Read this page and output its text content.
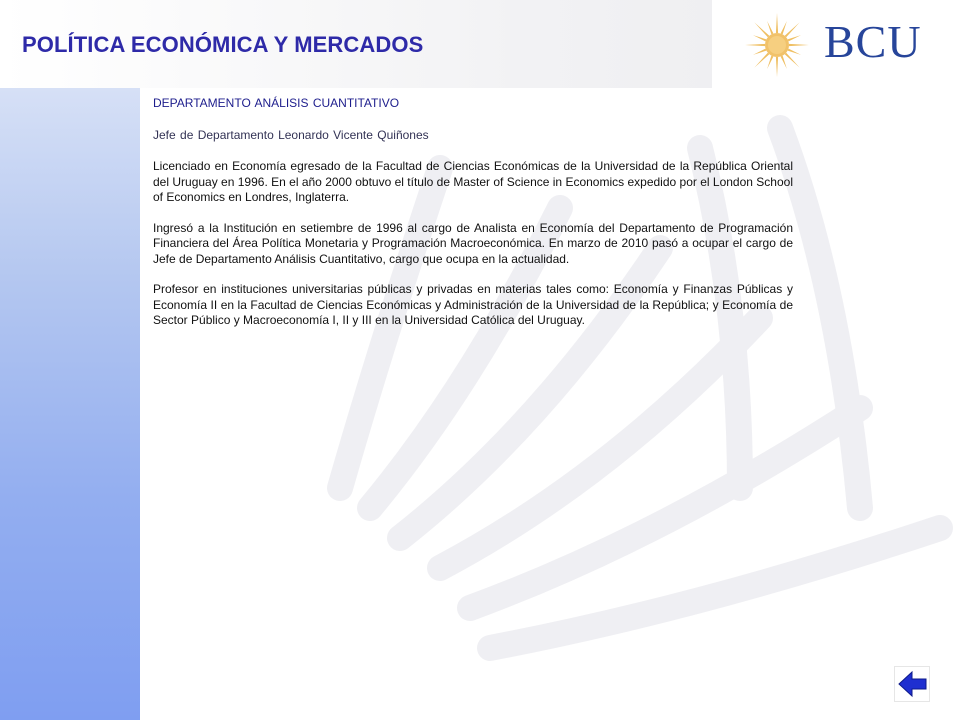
POLÍTICA ECONÓMICA Y MERCADOS	BCU
DEPARTAMENTO ANÁLISIS CUANTITATIVO
Jefe de Departamento Leonardo Vicente Quiñones

Licenciado en Economía egresado de la Facultad de Ciencias Económicas de la Universidad de la República Oriental del Uruguay en 1996. En el año 2000 obtuvo el título de Master of Science in Economics expedido por el London School of Economics en Londres, Inglaterra.

Ingresó a la Institución en setiembre de 1996 al cargo de Analista en Economía del Departamento de Programación Financiera del Área Política Monetaria y Programación Macroeconómica. En marzo de 2010 pasó a ocupar el cargo de Jefe de Departamento Análisis Cuantitativo, cargo que ocupa en la actualidad.

Profesor en instituciones universitarias públicas y privadas en materias tales como: Economía y Finanzas Públicas y Economía II en la Facultad de Ciencias Económicas y Administración de la Universidad de la República; y Economía de Sector Público y Macroeconomía I, II y III en la Universidad Católica del Uruguay.
